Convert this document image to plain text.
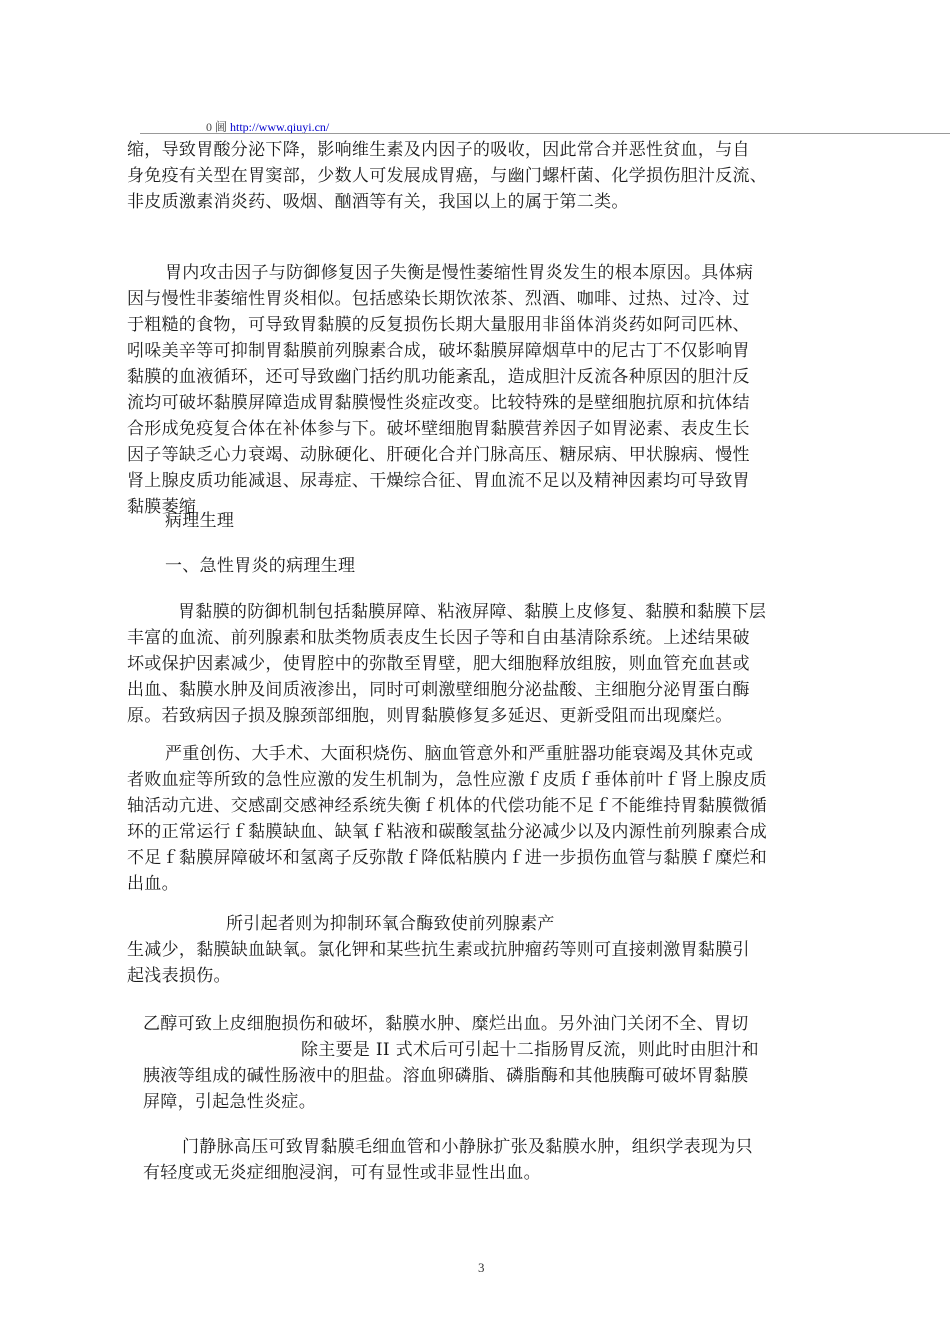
0 阃 http://www.qiuyi.cn/
缩，导致胃酸分泌下降，影响维生素及内因子的吸收，因此常合并恶性贫血，与自
身免疫有关型在胃窦部，少数人可发展成胃癌，与幽门螺杆菌、化学损伤胆汁反流、
非皮质激素消炎药、吸烟、酗酒等有关，我国以上的属于第二类。
胃内攻击因子与防御修复因子失衡是慢性萎缩性胃炎发生的根本原因。具体病
因与慢性非萎缩性胃炎相似。包括感染长期饮浓茶、烈酒、咖啡、过热、过冷、过
于粗糙的食物，可导致胃黏膜的反复损伤长期大量服用非甾体消炎药如阿司匹林、
吲哚美辛等可抑制胃黏膜前列腺素合成，破坏黏膜屏障烟草中的尼古丁不仅影响胃
黏膜的血液循环，还可导致幽门括约肌功能紊乱，造成胆汁反流各种原因的胆汁反
流均可破坏黏膜屏障造成胃黏膜慢性炎症改变。比较特殊的是壁细胞抗原和抗体结
合形成免疫复合体在补体参与下。破坏壁细胞胃黏膜营养因子如胃泌素、表皮生长
因子等缺乏心力衰竭、动脉硬化、肝硬化合并门脉高压、糖尿病、甲状腺病、慢性
肾上腺皮质功能减退、尿毒症、干燥综合征、胃血流不足以及精神因素均可导致胃
黏膜萎缩
病理生理
一、急性胃炎的病理生理
胃黏膜的防御机制包括黏膜屏障、粘液屏障、黏膜上皮修复、黏膜和黏膜下层
丰富的血流、前列腺素和肽类物质表皮生长因子等和自由基清除系统。上述结果破
坏或保护因素减少，使胃腔中的弥散至胃壁，肥大细胞释放组胺，则血管充血甚或
出血、黏膜水肿及间质液渗出，同时可刺激壁细胞分泌盐酸、主细胞分泌胃蛋白酶
原。若致病因子损及腺颈部细胞，则胃黏膜修复多延迟、更新受阻而出现糜烂。
严重创伤、大手术、大面积烧伤、脑血管意外和严重脏器功能衰竭及其休克或
者败血症等所致的急性应激的发生机制为，急性应激ｆ皮质ｆ垂体前叶ｆ肾上腺皮质
轴活动亢进、交感副交感神经系统失衡ｆ机体的代偿功能不足ｆ不能维持胃黏膜微循
环的正常运行ｆ黏膜缺血、缺氧ｆ粘液和碳酸氢盐分泌减少以及内源性前列腺素合成
不足ｆ黏膜屏障破坏和氢离子反弥散ｆ降低粘膜内ｆ进一步损伤血管与黏膜ｆ糜烂和
出血。
所引起者则为抑制环氧合酶致使前列腺素产
生减少，黏膜缺血缺氧。氯化钾和某些抗生素或抗肿瘤药等则可直接刺激胃黏膜引
起浅表损伤。
乙醇可致上皮细胞损伤和破坏，黏膜水肿、糜烂出血。另外油门关闭不全、胃切
除主要是 II 式术后可引起十二指肠胃反流，则此时由胆汁和
胰液等组成的碱性肠液中的胆盐。溶血卵磷脂、磷脂酶和其他胰酶可破坏胃黏膜
屏障，引起急性炎症。
门静脉高压可致胃黏膜毛细血管和小静脉扩张及黏膜水肿，组织学表现为只
有轻度或无炎症细胞浸润，可有显性或非显性出血。
3
